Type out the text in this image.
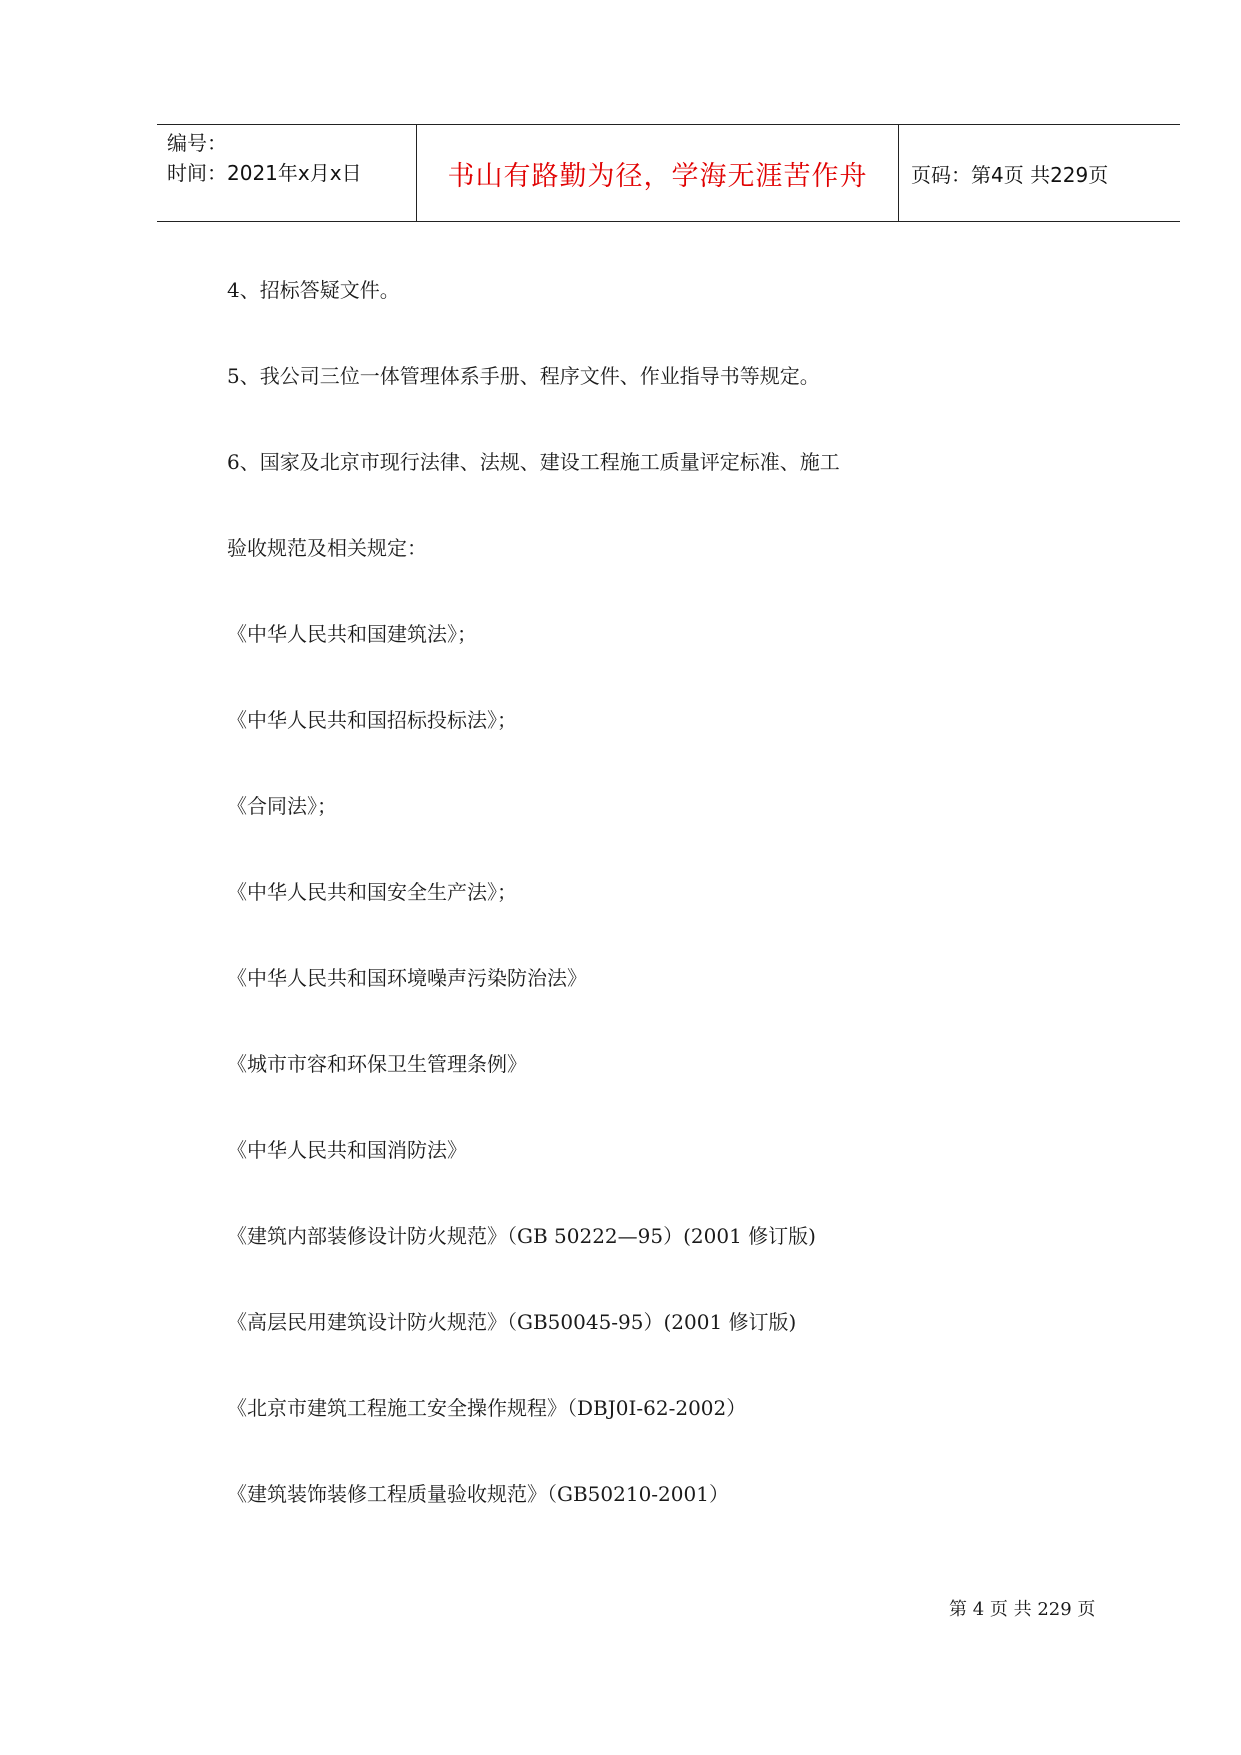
编号：
时间：2021年x月x日	书山有路勤为径，学海无涯苦作舟 页码：第4页 共229页
4、招标答疑文件。
5、我公司三位一体管理体系手册、程序文件、作业指导书等规定。
6、国家及北京市现行法律、法规、建设工程施工质量评定标准、施工
验收规范及相关规定：
《中华人民共和国建筑法》；
《中华人民共和国招标投标法》；
《合同法》；
《中华人民共和国安全生产法》；
《中华人民共和国环境噪声污染防治法》
《城市市容和环保卫生管理条例》
《中华人民共和国消防法》
《建筑内部装修设计防火规范》（GB 50222—95）(2001 修订版)
《高层民用建筑设计防火规范》（GB50045-95）(2001 修订版)
《北京市建筑工程施工安全操作规程》（DBJ0I-62-2002）
《建筑装饰装修工程质量验收规范》（GB50210-2001）
第 4 页 共 229 页
